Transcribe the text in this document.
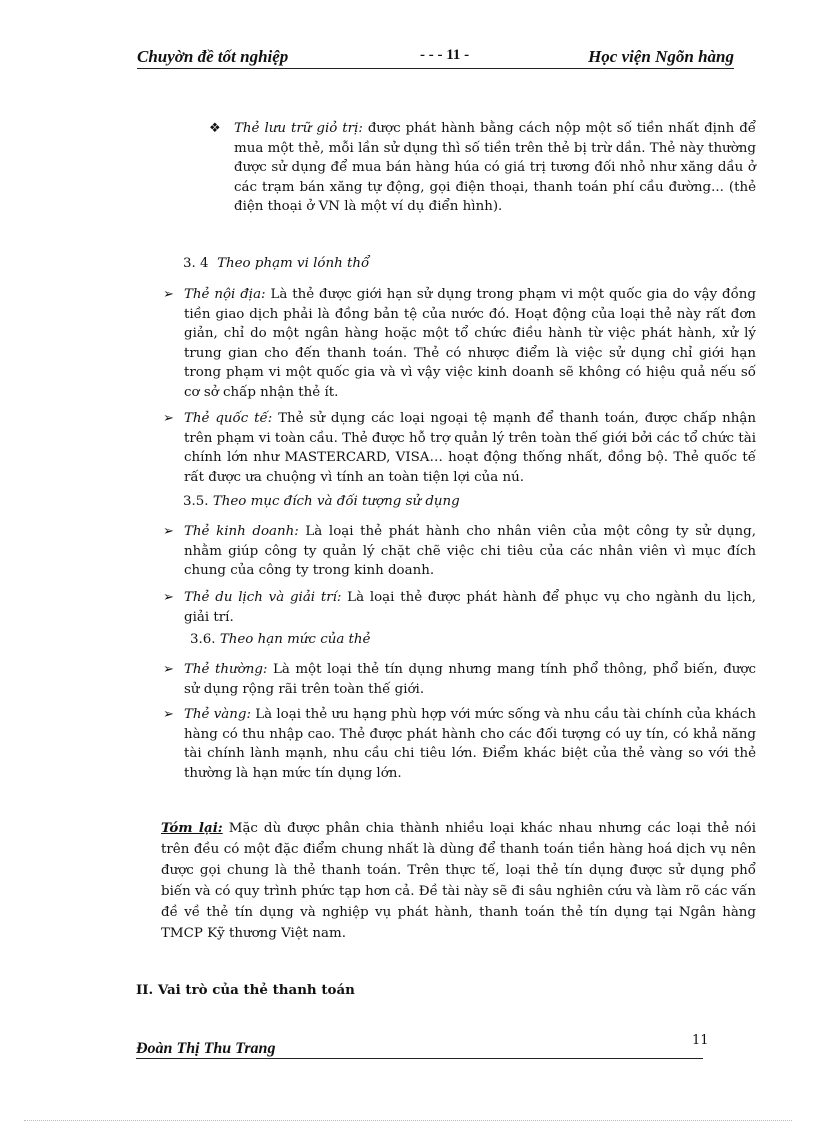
Chuyờn đề tốt nghiệp	- - - 11 -	Học viện Ngõn hàng
❖ Thẻ lưu trữ giỏ trị: được phát hành bằng cách nộp một số tiền nhất định để mua một thẻ, mỗi lần sử dụng thì số tiền trên thẻ bị trừ dần. Thẻ này thường được sử dụng để mua bán hàng húa có giá trị tương đối nhỏ như xăng dầu ở các trạm bán xăng tự động, gọi điện thoại, thanh toán phí cầu đường... (thẻ điện thoại ở VN là một ví dụ điển hình).
3. 4 Theo phạm vi lónh thổ
➢ Thẻ nội địa: Là thẻ được giới hạn sử dụng trong phạm vi một quốc gia do vậy đồng tiền giao dịch phải là đồng bản tệ của nước đó. Hoạt động của loại thẻ này rất đơn giản, chỉ do một ngân hàng hoặc một tổ chức điều hành từ việc phát hành, xử lý trung gian cho đến thanh toán. Thẻ có nhược điểm là việc sử dụng chỉ giới hạn trong phạm vi một quốc gia và vì vậy việc kinh doanh sẽ không có hiệu quả nếu số cơ sở chấp nhận thẻ ít.
➢ Thẻ quốc tế: Thẻ sử dụng các loại ngoại tệ mạnh để thanh toán, được chấp nhận trên phạm vi toàn cầu. Thẻ được hỗ trợ quản lý trên toàn thế giới bởi các tổ chức tài chính lớn như MASTERCARD, VISA… hoạt động thống nhất, đồng bộ. Thẻ quốc tế rất được ưa chuộng vì tính an toàn tiện lợi của nú.
3.5. Theo mục đích và đối tượng sử dụng
➢ Thẻ kinh doanh: Là loại thẻ phát hành cho nhân viên của một công ty sử dụng, nhằm giúp công ty quản lý chặt chẽ việc chi tiêu của các nhân viên vì mục đích chung của công ty trong kinh doanh.
➢ Thẻ du lịch và giải trí: Là loại thẻ được phát hành để phục vụ cho ngành du lịch, giải trí.
3.6. Theo hạn mức của thẻ
➢ Thẻ thường: Là một loại thẻ tín dụng nhưng mang tính phổ thông, phổ biến, được sử dụng rộng rãi trên toàn thế giới.
➢ Thẻ vàng: Là loại thẻ ưu hạng phù hợp với mức sống và nhu cầu tài chính của khách hàng có thu nhập cao. Thẻ được phát hành cho các đối tượng có uy tín, có khả năng tài chính lành mạnh, nhu cầu chi tiêu lớn. Điểm khác biệt của thẻ vàng so với thẻ thường là hạn mức tín dụng lớn.
Tóm lại: Mặc dù được phân chia thành nhiều loại khác nhau nhưng các loại thẻ nói trên đều có một đặc điểm chung nhất là dùng để thanh toán tiền hàng hoá dịch vụ nên được gọi chung là thẻ thanh toán. Trên thực tế, loại thẻ tín dụng được sử dụng phổ biến và có quy trình phức tạp hơn cả. Đề tài này sẽ đi sâu nghiên cứu và làm rõ các vấn đề về thẻ tín dụng và nghiệp vụ phát hành, thanh toán thẻ tín dụng tại Ngân hàng TMCP Kỹ thương Việt nam.
II. Vai trò của thẻ thanh toán
11
Đoàn Thị Thu Trang
